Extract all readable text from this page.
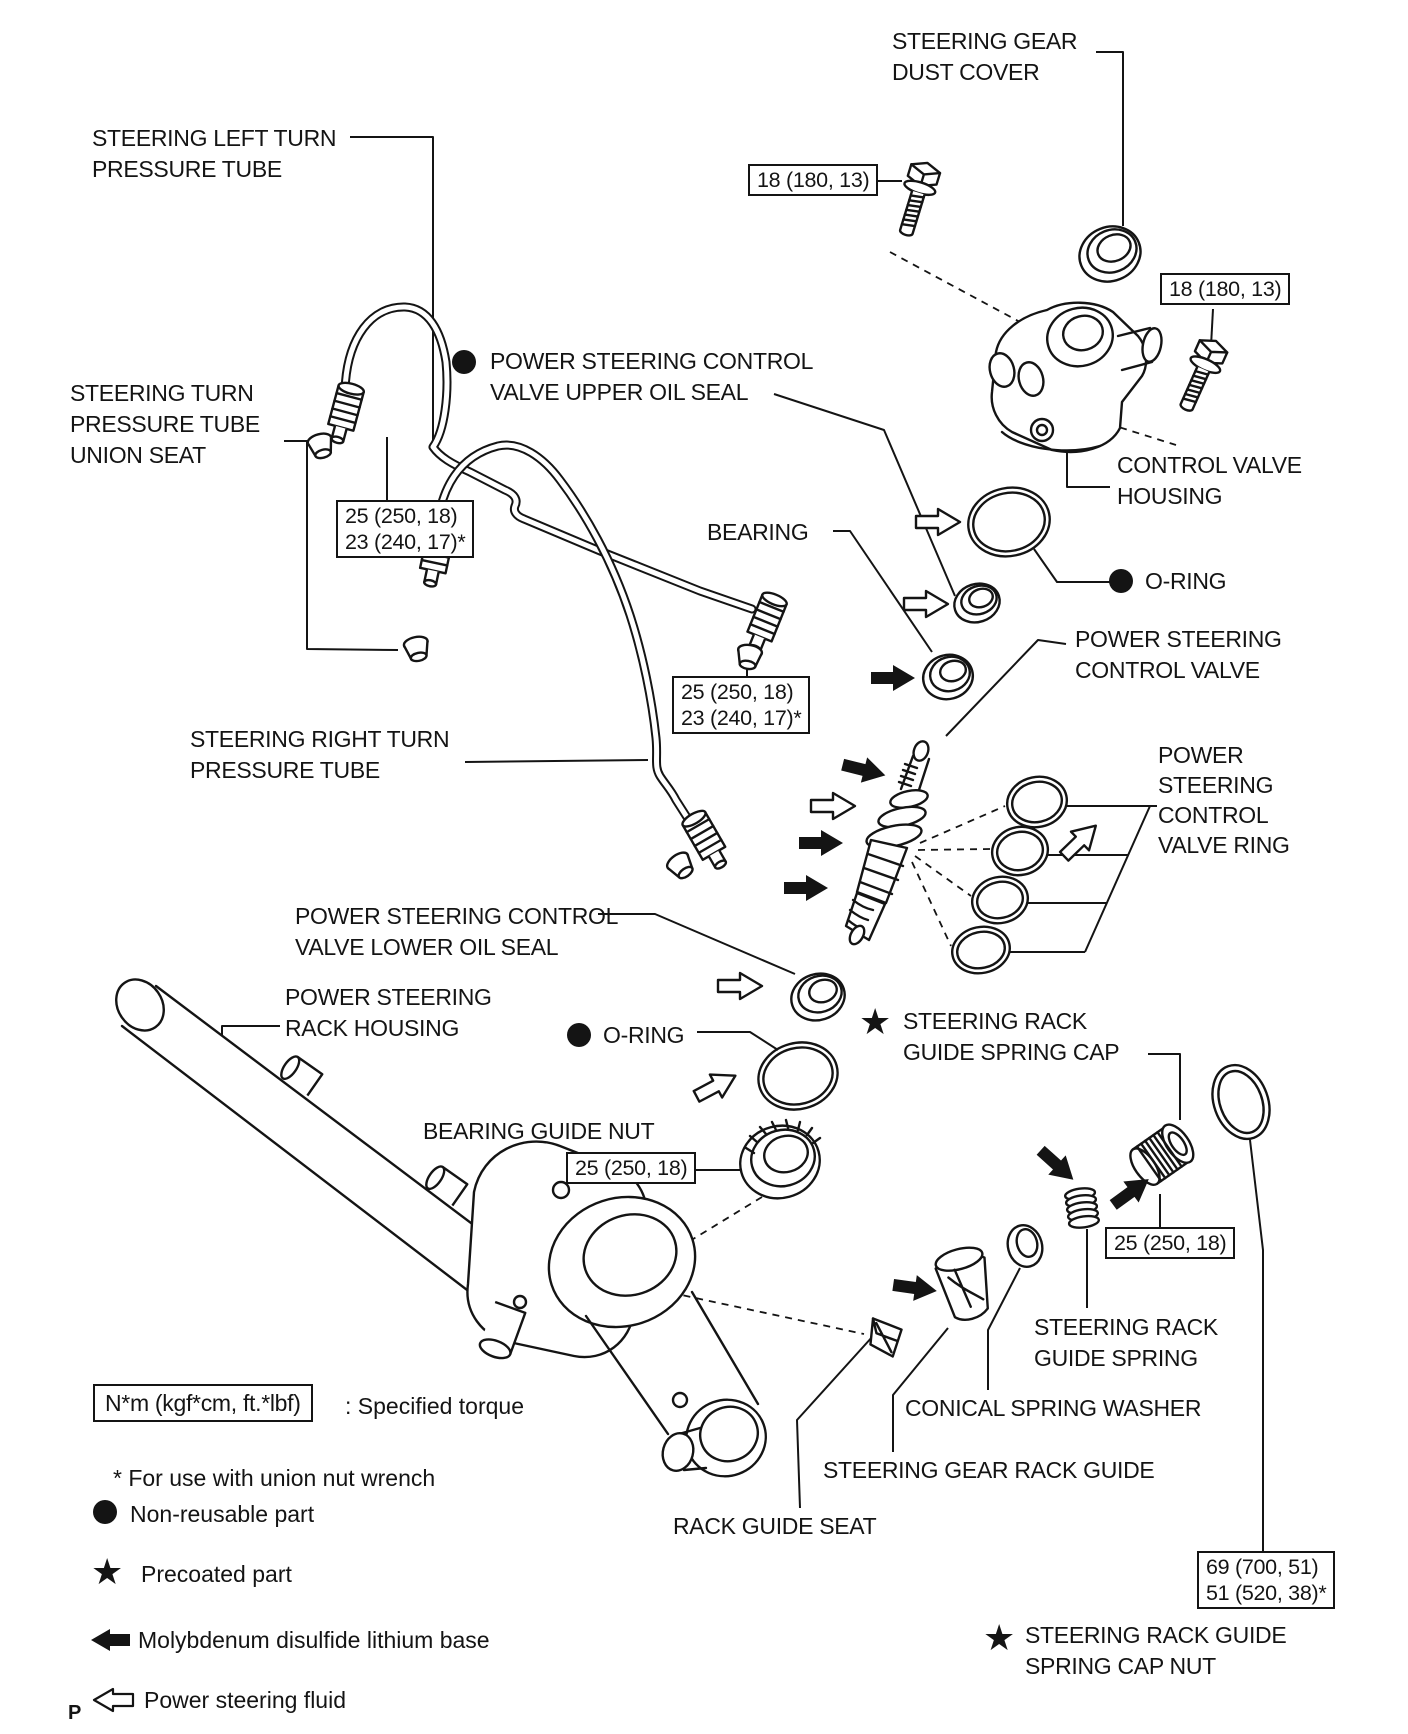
STEERING GEAR
DUST COVER
STEERING LEFT TURN
PRESSURE TUBE
STEERING TURN
PRESSURE TUBE
UNION SEAT
POWER STEERING CONTROL
VALVE UPPER OIL SEAL
CONTROL VALVE
HOUSING
BEARING
O-RING
POWER STEERING
CONTROL VALVE
STEERING RIGHT TURN
PRESSURE TUBE
POWER
STEERING
CONTROL
VALVE RING
POWER STEERING CONTROL
VALVE LOWER OIL SEAL
POWER STEERING
RACK HOUSING	O-RING
BEARING GUIDE NUT
★ STEERING RACK
GUIDE SPRING CAP
STEERING RACK
GUIDE SPRING
CONICAL SPRING WASHER
STEERING GEAR RACK GUIDE
RACK GUIDE SEAT
★ STEERING RACK GUIDE
SPRING CAP NUT
18 (180, 13)
18 (180, 13)
25 (250, 18)
23 (240, 17)*
25 (250, 18)
23 (240, 17)*
25 (250, 18)
25 (250, 18)
69 (700, 51)
51 (520, 38)*
N*m (kgf*cm, ft.*lbf) : Specified torque
* For use with union nut wrench
Non-reusable part
★ Precoated part
Molybdenum disulfide lithium base
Power steering fluid
P
